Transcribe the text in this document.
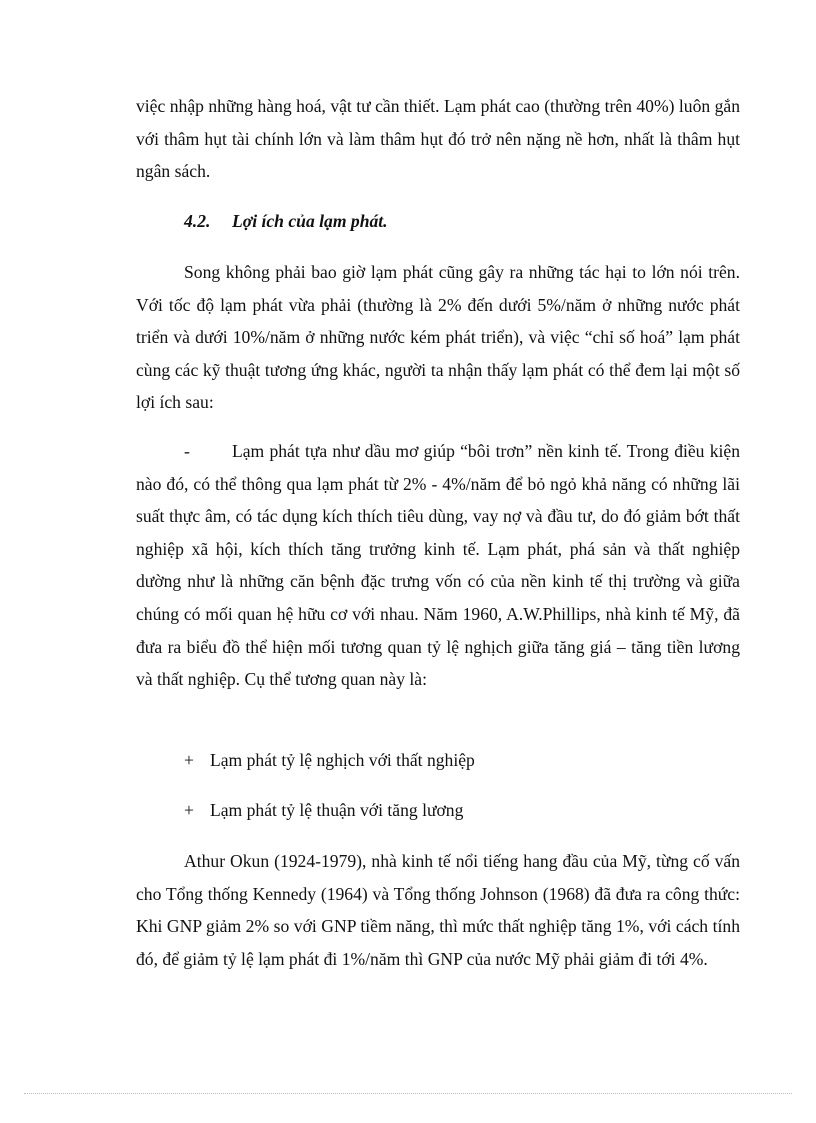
việc nhập những hàng hoá, vật tư cần thiết. Lạm phát cao (thường trên 40%) luôn gắn với thâm hụt tài chính lớn và làm thâm hụt đó trở nên nặng nề hơn, nhất là thâm hụt ngân sách.

4.2. Lợi ích của lạm phát.

Song không phải bao giờ lạm phát cũng gây ra những tác hại to lớn nói trên. Với tốc độ lạm phát vừa phải (thường là 2% đến dưới 5%/năm ở những nước phát triển và dưới 10%/năm ở những nước kém phát triển), và việc “chỉ số hoá” lạm phát cùng các kỹ thuật tương ứng khác, người ta nhận thấy lạm phát có thể đem lại một số lợi ích sau:

- Lạm phát tựa như dầu mơ giúp “bôi trơn” nền kinh tế. Trong điều kiện nào đó, có thể thông qua lạm phát từ 2% - 4%/năm để bỏ ngỏ khả năng có những lãi suất thực âm, có tác dụng kích thích tiêu dùng, vay nợ và đầu tư, do đó giảm bớt thất nghiệp xã hội, kích thích tăng trưởng kinh tế. Lạm phát, phá sản và thất nghiệp dường như là những căn bệnh đặc trưng vốn có của nền kinh tế thị trường và giữa chúng có mối quan hệ hữu cơ với nhau. Năm 1960, A.W.Phillips, nhà kinh tế Mỹ, đã đưa ra biểu đồ thể hiện mối tương quan tỷ lệ nghịch giữa tăng giá – tăng tiền lương và thất nghiệp. Cụ thể tương quan này là:

+ Lạm phát tỷ lệ nghịch với thất nghiệp

+ Lạm phát tỷ lệ thuận với tăng lương

Athur Okun (1924-1979), nhà kinh tế nổi tiếng hang đầu của Mỹ, từng cố vấn cho Tổng thống Kennedy (1964) và Tổng thống Johnson (1968) đã đưa ra công thức: Khi GNP giảm 2% so với GNP tiềm năng, thì mức thất nghiệp tăng 1%, với cách tính đó, để giảm tỷ lệ lạm phát đi 1%/năm thì GNP của nước Mỹ phải giảm đi tới 4%.
